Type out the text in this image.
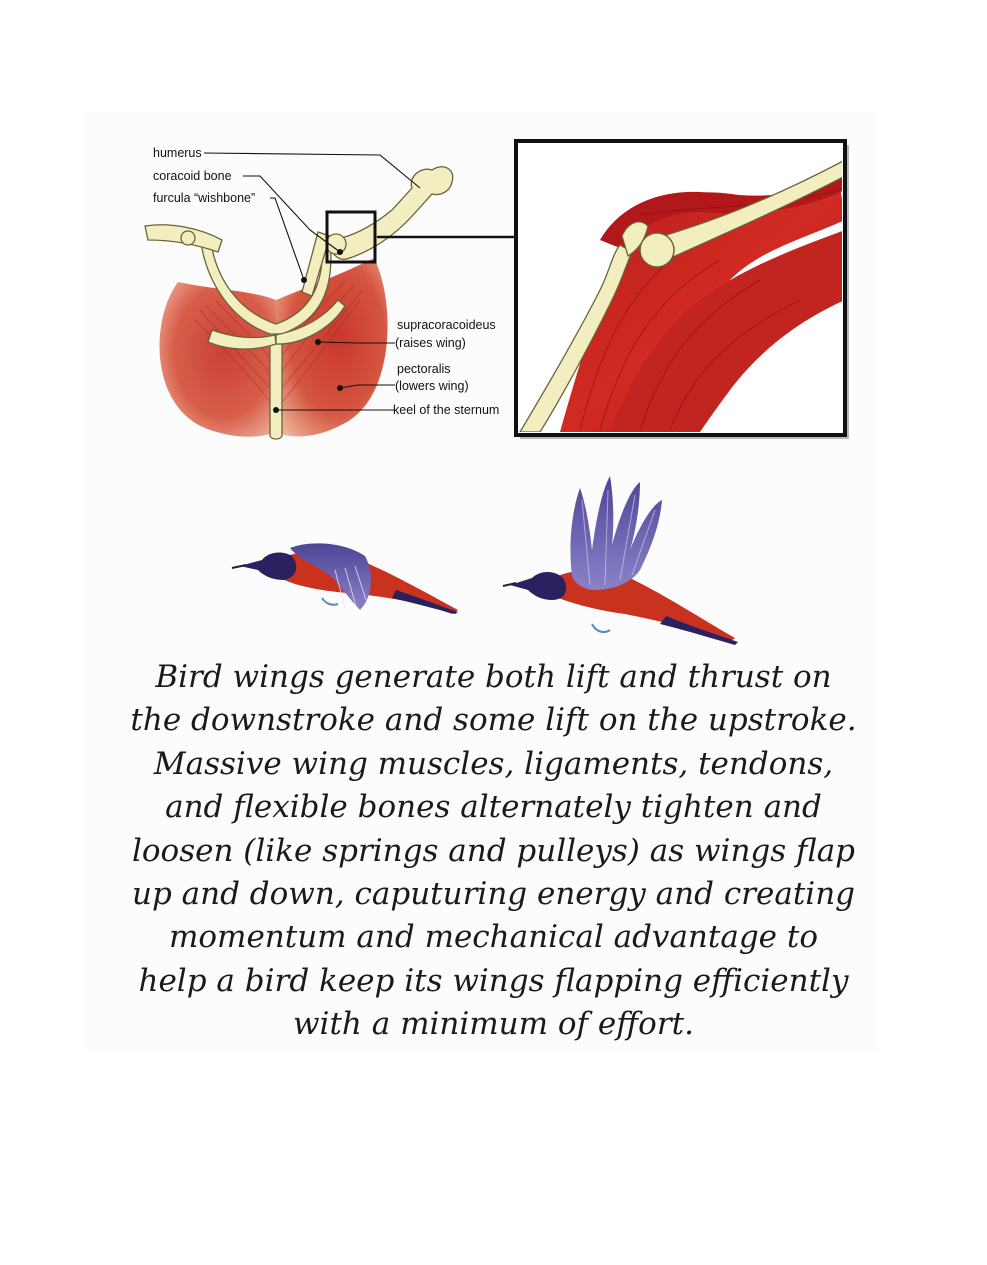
humerus
coracoid bone
furcula “wishbone”
supracoracoideus
(raises wing)
pectoralis
(lowers wing)
keel of the sternum
Bird wings generate both lift and thrust on
the downstroke and some lift on the upstroke.
Massive wing muscles, ligaments, tendons,
and flexible bones alternately tighten and
loosen (like springs and pulleys) as wings flap
up and down, caputuring energy and creating
momentum and mechanical advantage to
help a bird keep its wings flapping efficiently
with a minimum of effort.
